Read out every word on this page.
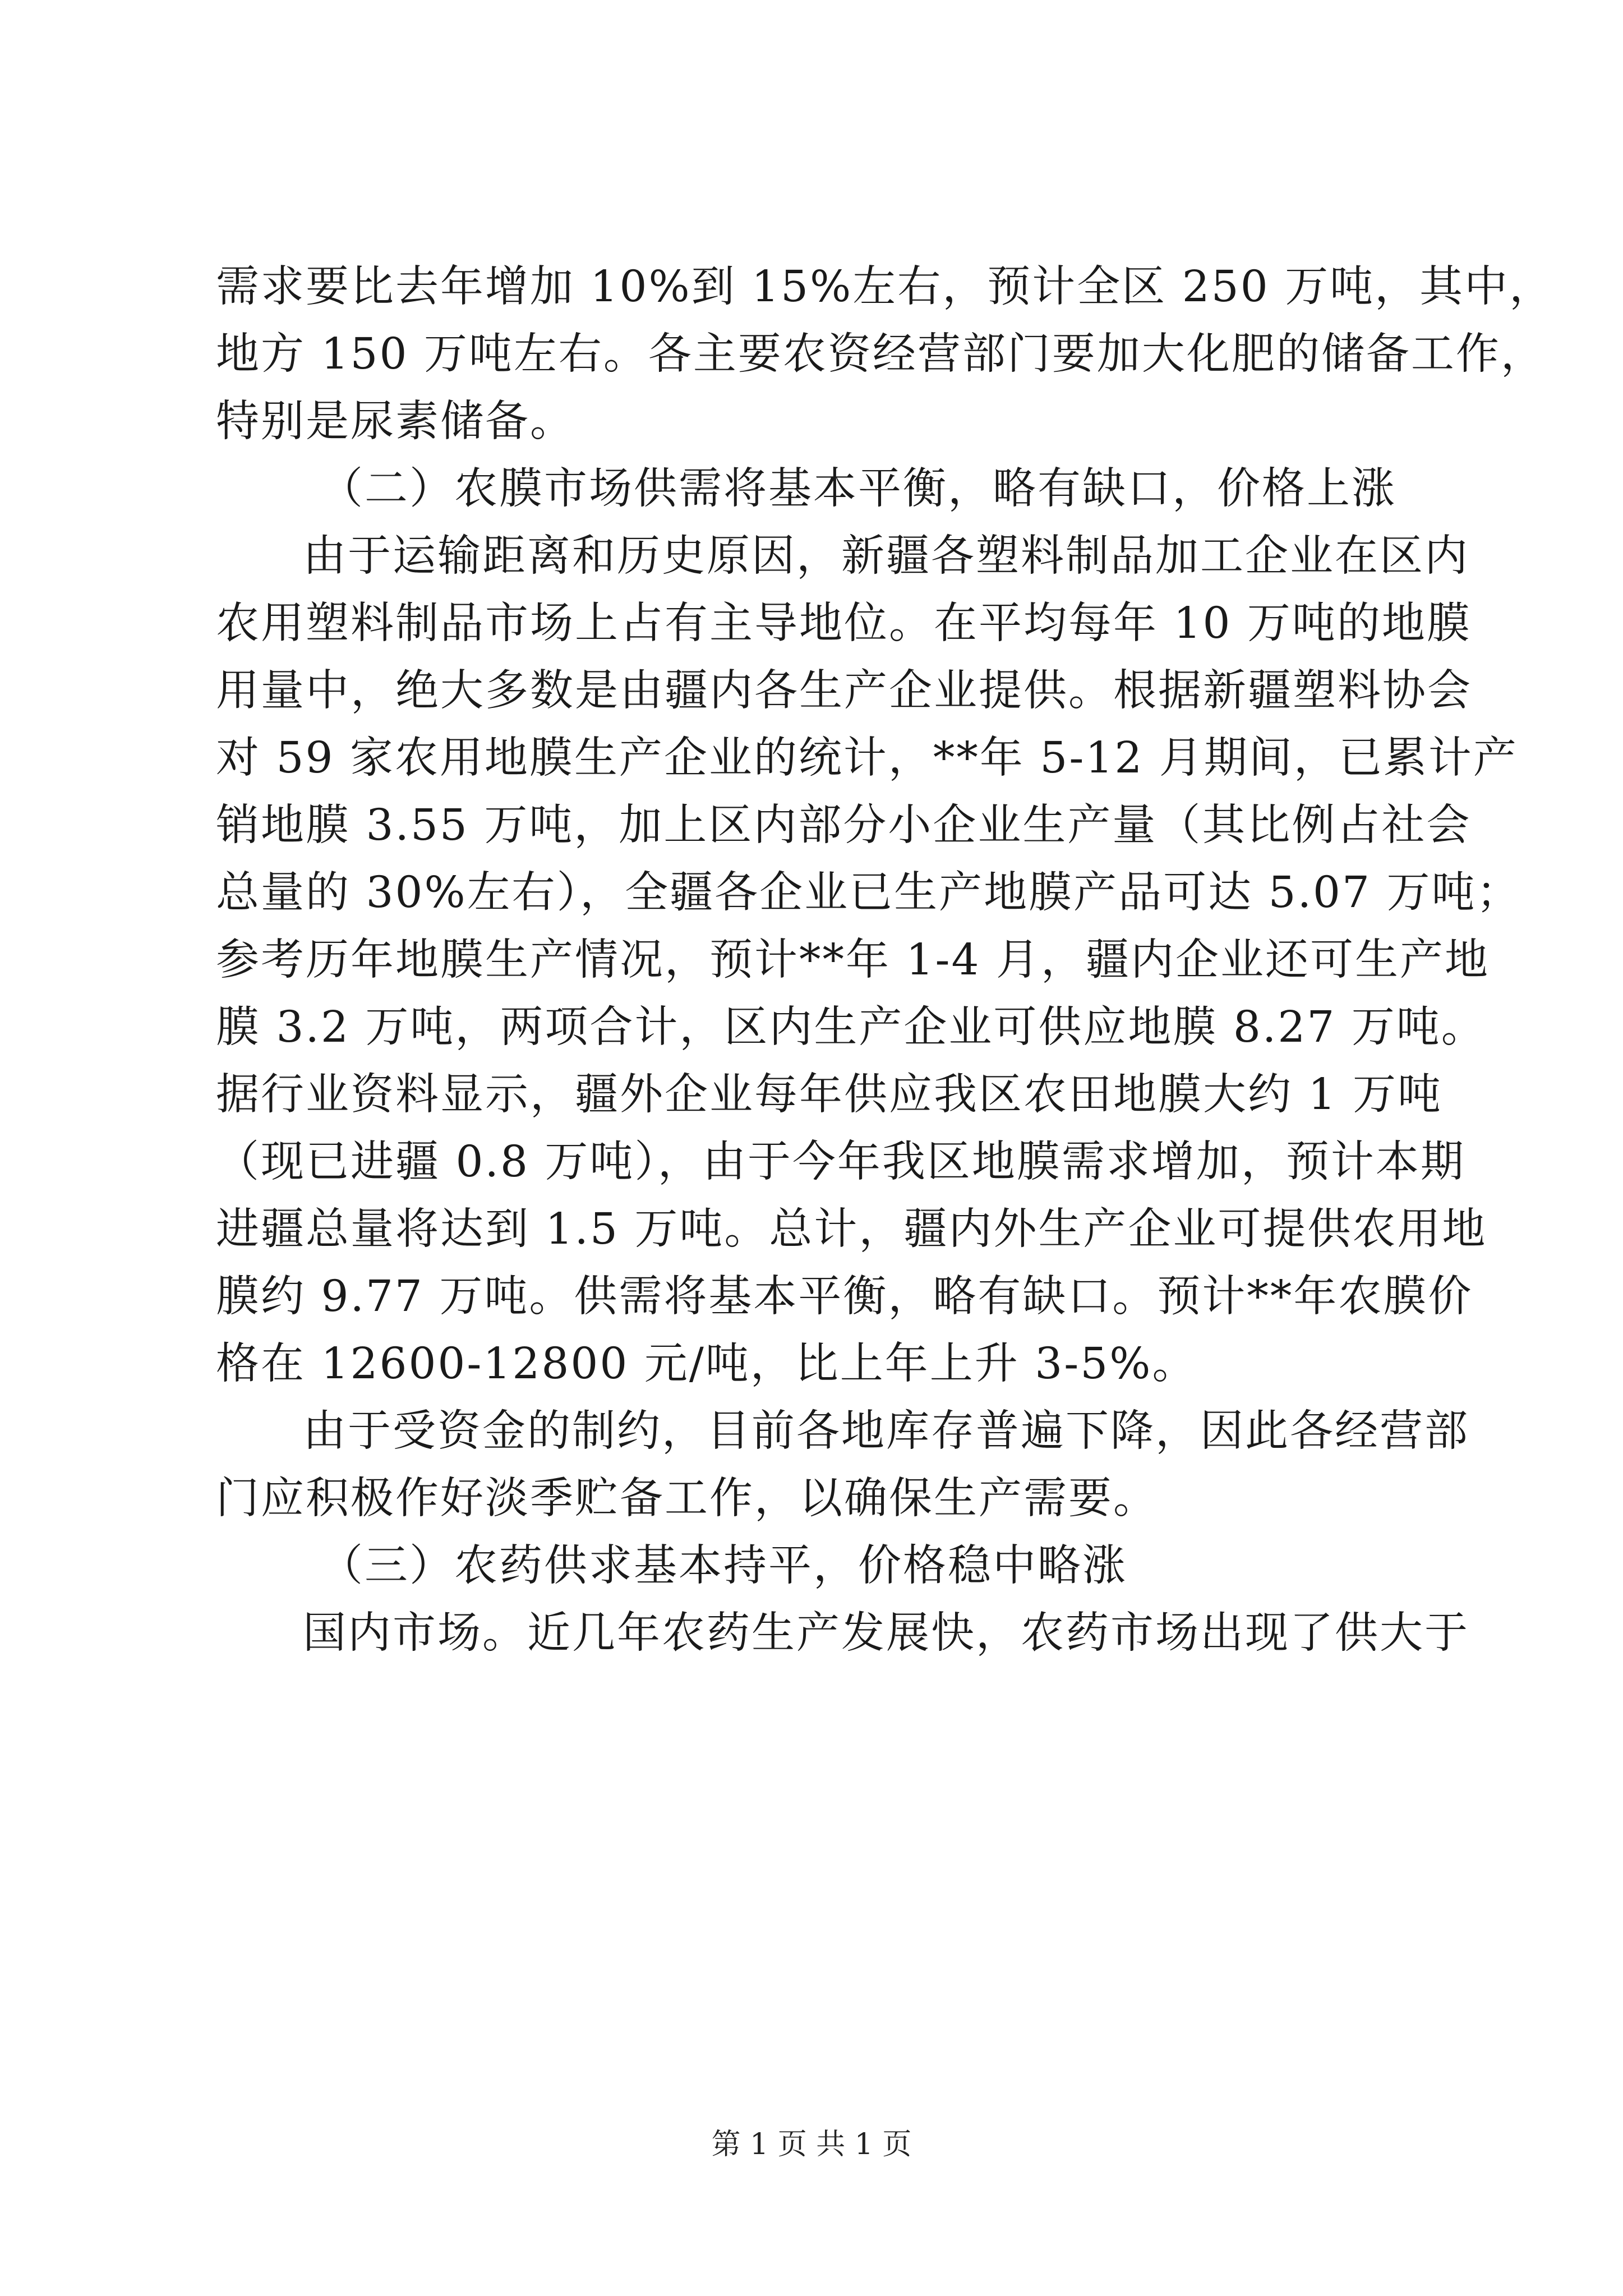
需求要比去年增加 10%到 15%左右，预计全区 250 万吨，其中，
地方 150 万吨左右。各主要农资经营部门要加大化肥的储备工作，
特别是尿素储备。
（二）农膜市场供需将基本平衡，略有缺口，价格上涨
由于运输距离和历史原因，新疆各塑料制品加工企业在区内
农用塑料制品市场上占有主导地位。在平均每年 10 万吨的地膜
用量中，绝大多数是由疆内各生产企业提供。根据新疆塑料协会
对 59 家农用地膜生产企业的统计，**年 5-12 月期间，已累计产
销地膜 3.55 万吨，加上区内部分小企业生产量（其比例占社会
总量的 30%左右），全疆各企业已生产地膜产品可达 5.07 万吨；
参考历年地膜生产情况，预计**年 1-4 月，疆内企业还可生产地
膜 3.2 万吨，两项合计，区内生产企业可供应地膜 8.27 万吨。
据行业资料显示，疆外企业每年供应我区农田地膜大约 1 万吨
（现已进疆 0.8 万吨），由于今年我区地膜需求增加，预计本期
进疆总量将达到 1.5 万吨。总计，疆内外生产企业可提供农用地
膜约 9.77 万吨。供需将基本平衡，略有缺口。预计**年农膜价
格在 12600-12800 元/吨，比上年上升 3-5%。
由于受资金的制约，目前各地库存普遍下降，因此各经营部
门应积极作好淡季贮备工作，以确保生产需要。
（三）农药供求基本持平，价格稳中略涨
国内市场。近几年农药生产发展快，农药市场出现了供大于
第 1 页 共 1 页
